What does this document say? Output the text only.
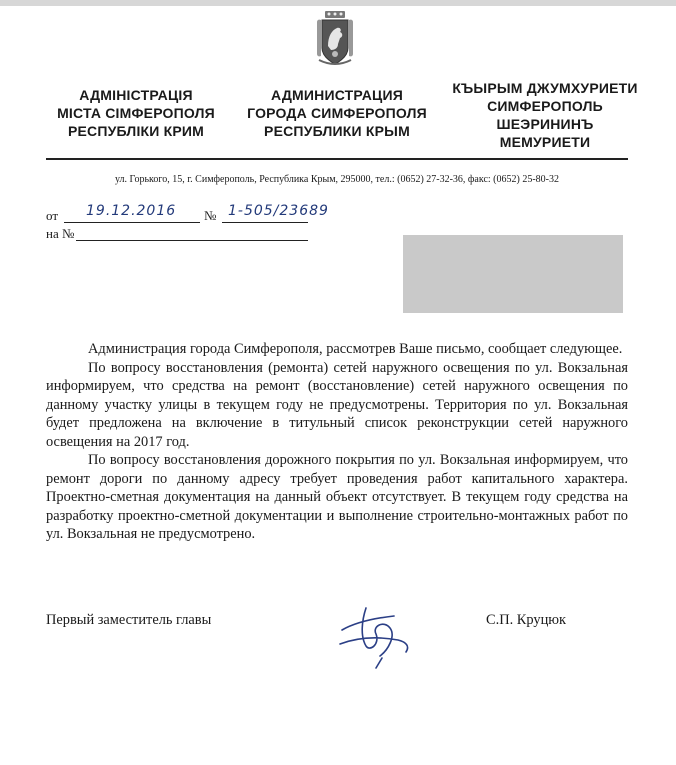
АДМІНІСТРАЦІЯ
МІСТА СІМФЕРОПОЛЯ
РЕСПУБЛІКИ КРИМ
АДМИНИСТРАЦИЯ
ГОРОДА СИМФЕРОПОЛЯ
РЕСПУБЛИКИ КРЫМ
КЪЫРЫМ ДЖУМХУРИЕТИ
СИМФЕРОПОЛЬ
ШЕЭРИНИНЪ
МЕМУРИЕТИ
ул. Горького, 15, г. Симферополь, Республика Крым, 295000, тел.: (0652) 27-32-36, факс: (0652) 25-80-32
от 19.12.2016 № 1-505/23689
на №

Администрация города Симферополя, рассмотрев Ваше письмо, сообщает следующее.

По вопросу восстановления (ремонта) сетей наружного освещения по ул. Вокзальная информируем, что средства на ремонт (восстановление) сетей наружного освещения по данному участку улицы в текущем году не предусмотрены. Территория по ул. Вокзальная будет предложена на включение в титульный список реконструкции сетей наружного освещения на 2017 год.

По вопросу восстановления дорожного покрытия по ул. Вокзальная информируем, что ремонт дороги по данному адресу требует проведения работ капитального характера. Проектно-сметная документация на данный объект отсутствует. В текущем году средства на разработку проектно-сметной документации и выполнение строительно-монтажных работ по ул. Вокзальная не предусмотрено.

Первый заместитель главы	С.П. Круцюк
